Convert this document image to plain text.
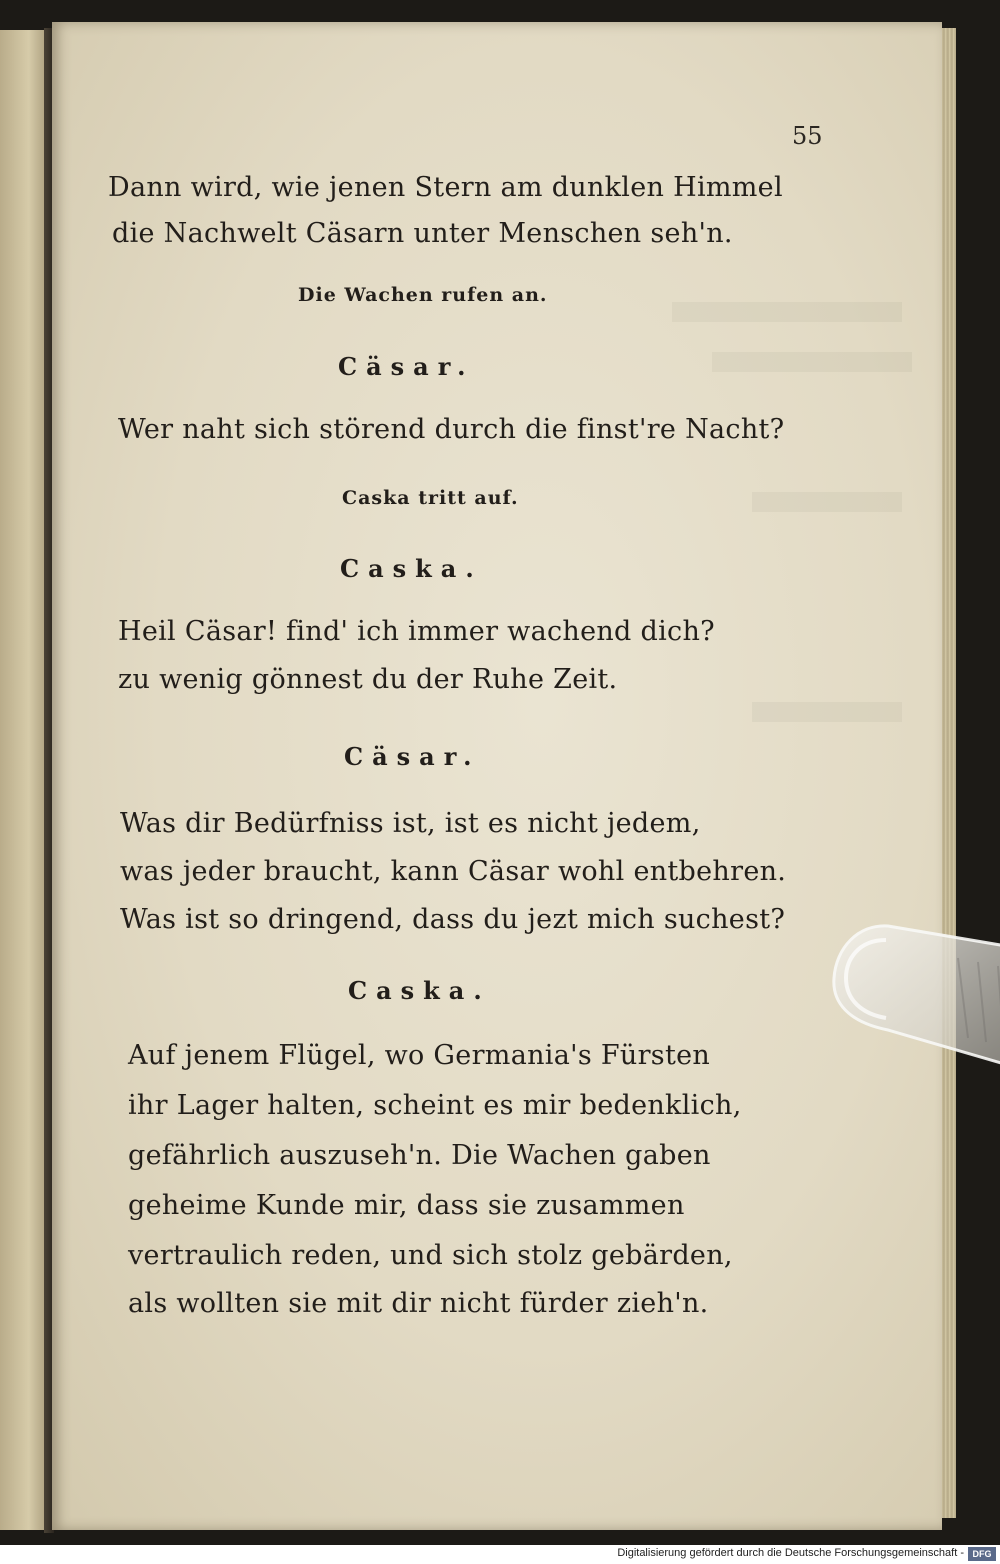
55
Dann wird, wie jenen Stern am dunklen Himmel
die Nachwelt Cäsarn unter Menschen seh'n.
Die Wachen rufen an.
Cäsar.
Wer naht sich störend durch die finst're Nacht?
Caska tritt auf.
Caska.
Heil Cäsar! find' ich immer wachend dich?
zu wenig gönnest du der Ruhe Zeit.
Cäsar.
Was dir Bedürfniss ist, ist es nicht jedem,
was jeder braucht, kann Cäsar wohl entbehren.
Was ist so dringend, dass du jezt mich suchest?
Caska.
Auf jenem Flügel, wo Germania's Fürsten
ihr Lager halten, scheint es mir bedenklich,
gefährlich auszuseh'n. Die Wachen gaben
geheime Kunde mir, dass sie zusammen
vertraulich reden, und sich stolz gebärden,
als wollten sie mit dir nicht fürder zieh'n.
Digitalisierung gefördert durch die Deutsche Forschungsgemeinschaft - DFG
